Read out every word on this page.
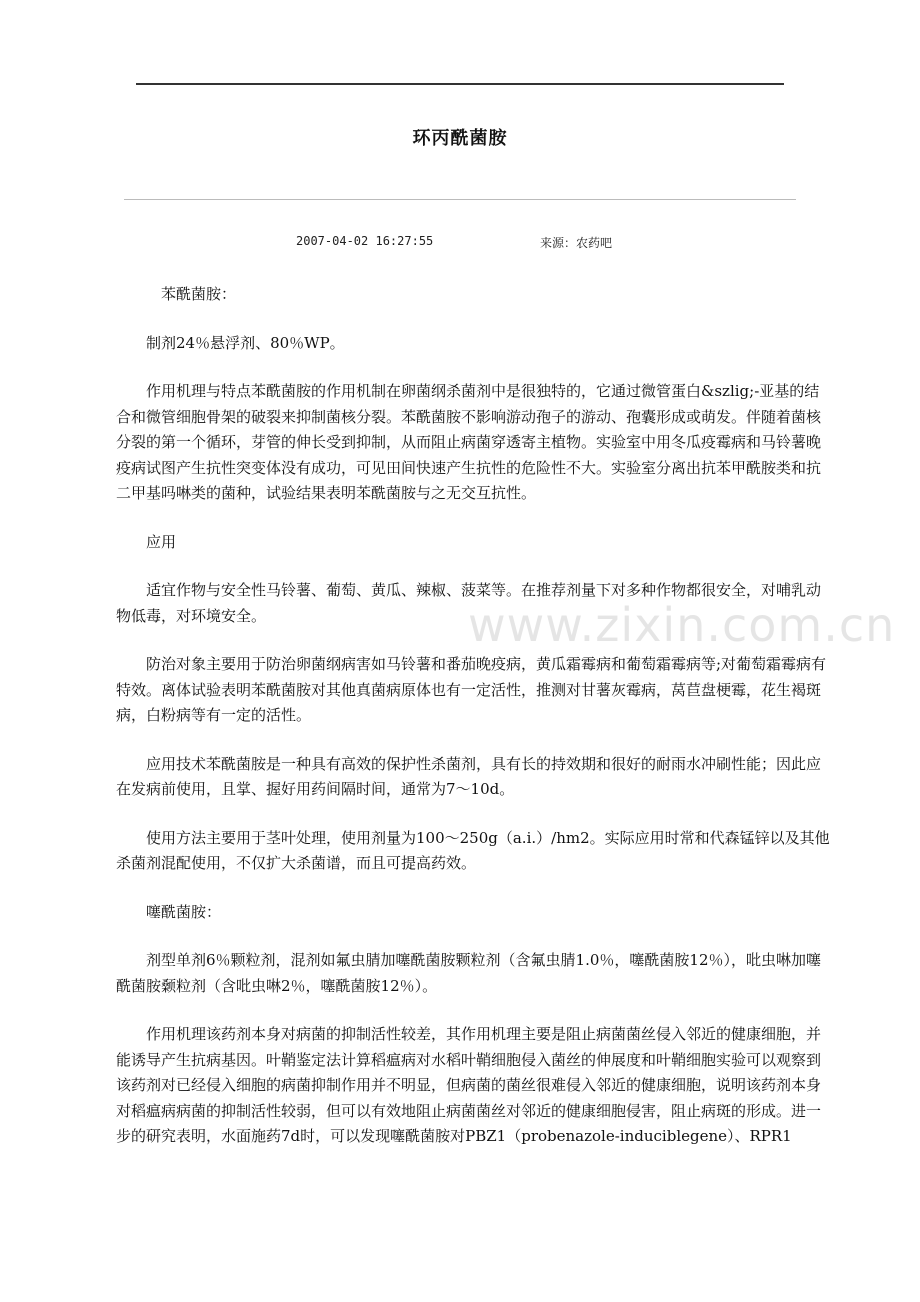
环丙酰菌胺
2007-04-02 16:27:55	来源：农药吧

苯酰菌胺：

制剂24％悬浮剂、80％WP。

作用机理与特点苯酰菌胺的作用机制在卵菌纲杀菌剂中是很独特的，它通过微管蛋白&szlig;-亚基的结合和微管细胞骨架的破裂来抑制菌核分裂。苯酰菌胺不影响游动孢子的游动、孢囊形成或萌发。伴随着菌核分裂的第一个循环，芽管的伸长受到抑制，从而阻止病菌穿透寄主植物。实验室中用冬瓜疫霉病和马铃薯晚疫病试图产生抗性突变体没有成功，可见田间快速产生抗性的危险性不大。实验室分离出抗苯甲酰胺类和抗二甲基吗啉类的菌种，试验结果表明苯酰菌胺与之无交互抗性。

应用

适宜作物与安全性马铃薯、葡萄、黄瓜、辣椒、菠菜等。在推荐剂量下对多种作物都很安全，对哺乳动物低毒，对环境安全。

防治对象主要用于防治卵菌纲病害如马铃薯和番茄晚疫病，黄瓜霜霉病和葡萄霜霉病等;对葡萄霜霉病有特效。离体试验表明苯酰菌胺对其他真菌病原体也有一定活性，推测对甘薯灰霉病，莴苣盘梗霉，花生褐斑病，白粉病等有一定的活性。

应用技术苯酰菌胺是一种具有高效的保护性杀菌剂，具有长的持效期和很好的耐雨水冲刷性能；因此应在发病前使用，且掌、握好用药间隔时间，通常为7～10d。

使用方法主要用于茎叶处理，使用剂量为100～250g（a.i.）/hm2。实际应用时常和代森锰锌以及其他杀菌剂混配使用，不仅扩大杀菌谱，而且可提高药效。

噻酰菌胺：

剂型单剂6％颗粒剂，混剂如氟虫腈加噻酰菌胺颗粒剂（含氟虫腈1.0％，噻酰菌胺12％），吡虫啉加噻酰菌胺颡粒剂（含吡虫啉2％，噻酰菌胺12％）。

作用机理该药剂本身对病菌的抑制活性较差，其作用机理主要是阻止病菌菌丝侵入邻近的健康细胞，并能诱导产生抗病基因。叶鞘鉴定法计算稻瘟病对水稻叶鞘细胞侵入菌丝的伸展度和叶鞘细胞实验可以观察到该药剂对已经侵入细胞的病菌抑制作用并不明显，但病菌的菌丝很难侵入邻近的健康细胞，说明该药剂本身对稻瘟病病菌的抑制活性较弱，但可以有效地阻止病菌菌丝对邻近的健康细胞侵害，阻止病斑的形成。进一步的研究表明，水面施药7d时，可以发现噻酰菌胺对PBZ1（probenazole-induciblegene）、RPR1

www.zixin.com.cn
